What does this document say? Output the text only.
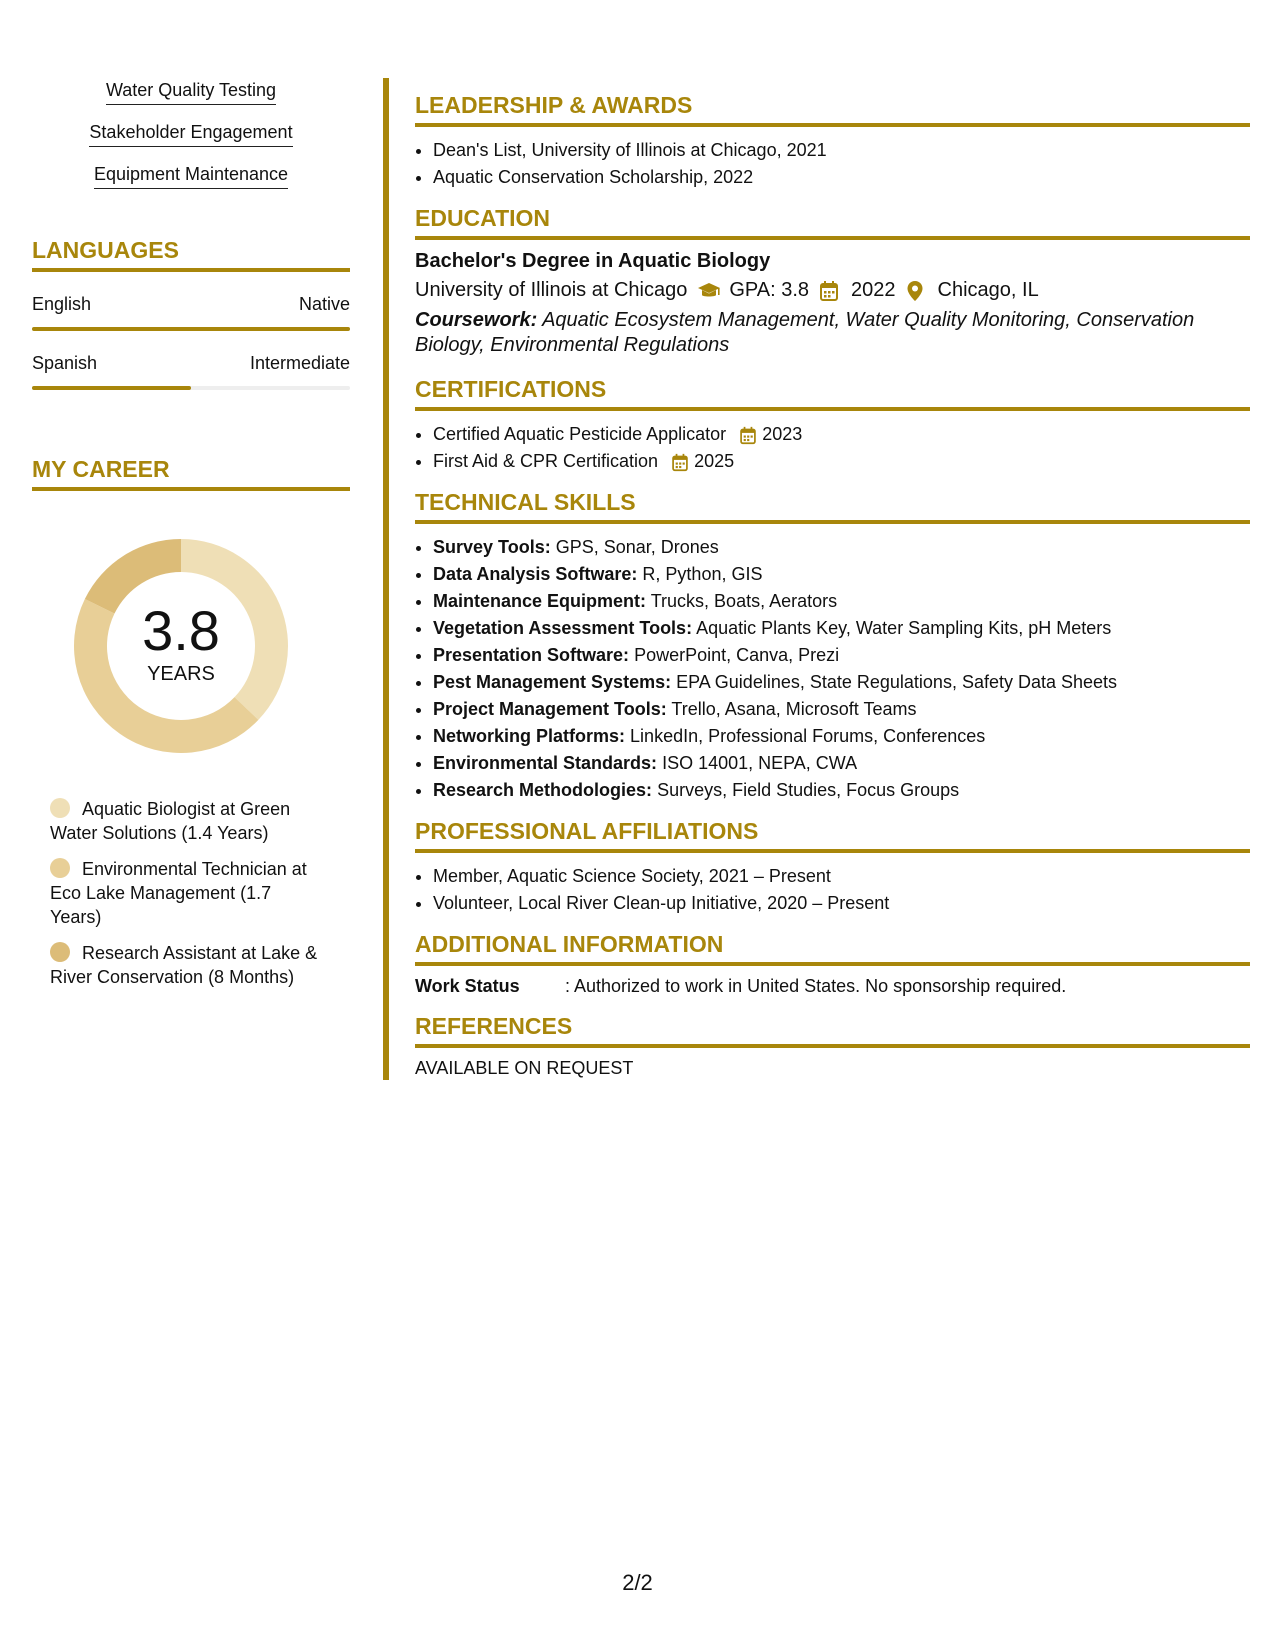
Water Quality Testing
Stakeholder Engagement
Equipment Maintenance
LANGUAGES
English	Native
Spanish	Intermediate
MY CAREER
3.8
YEARS
Aquatic Biologist at Green Water Solutions (1.4 Years)
Environmental Technician at Eco Lake Management (1.7 Years)
Research Assistant at Lake & River Conservation (8 Months)
LEADERSHIP & AWARDS
• Dean's List, University of Illinois at Chicago, 2021
• Aquatic Conservation Scholarship, 2022
EDUCATION
Bachelor's Degree in Aquatic Biology
University of Illinois at Chicago GPA: 3.8 2022 Chicago, IL
Coursework: Aquatic Ecosystem Management, Water Quality Monitoring, Conservation Biology, Environmental Regulations
CERTIFICATIONS
• Certified Aquatic Pesticide Applicator 2023
• First Aid & CPR Certification 2025
TECHNICAL SKILLS
• Survey Tools: GPS, Sonar, Drones
• Data Analysis Software: R, Python, GIS
• Maintenance Equipment: Trucks, Boats, Aerators
• Vegetation Assessment Tools: Aquatic Plants Key, Water Sampling Kits, pH Meters
• Presentation Software: PowerPoint, Canva, Prezi
• Pest Management Systems: EPA Guidelines, State Regulations, Safety Data Sheets
• Project Management Tools: Trello, Asana, Microsoft Teams
• Networking Platforms: LinkedIn, Professional Forums, Conferences
• Environmental Standards: ISO 14001, NEPA, CWA
• Research Methodologies: Surveys, Field Studies, Focus Groups
PROFESSIONAL AFFILIATIONS
• Member, Aquatic Science Society, 2021 – Present
• Volunteer, Local River Clean-up Initiative, 2020 – Present
ADDITIONAL INFORMATION
Work Status	: Authorized to work in United States. No sponsorship required.
REFERENCES
AVAILABLE ON REQUEST
2/2
